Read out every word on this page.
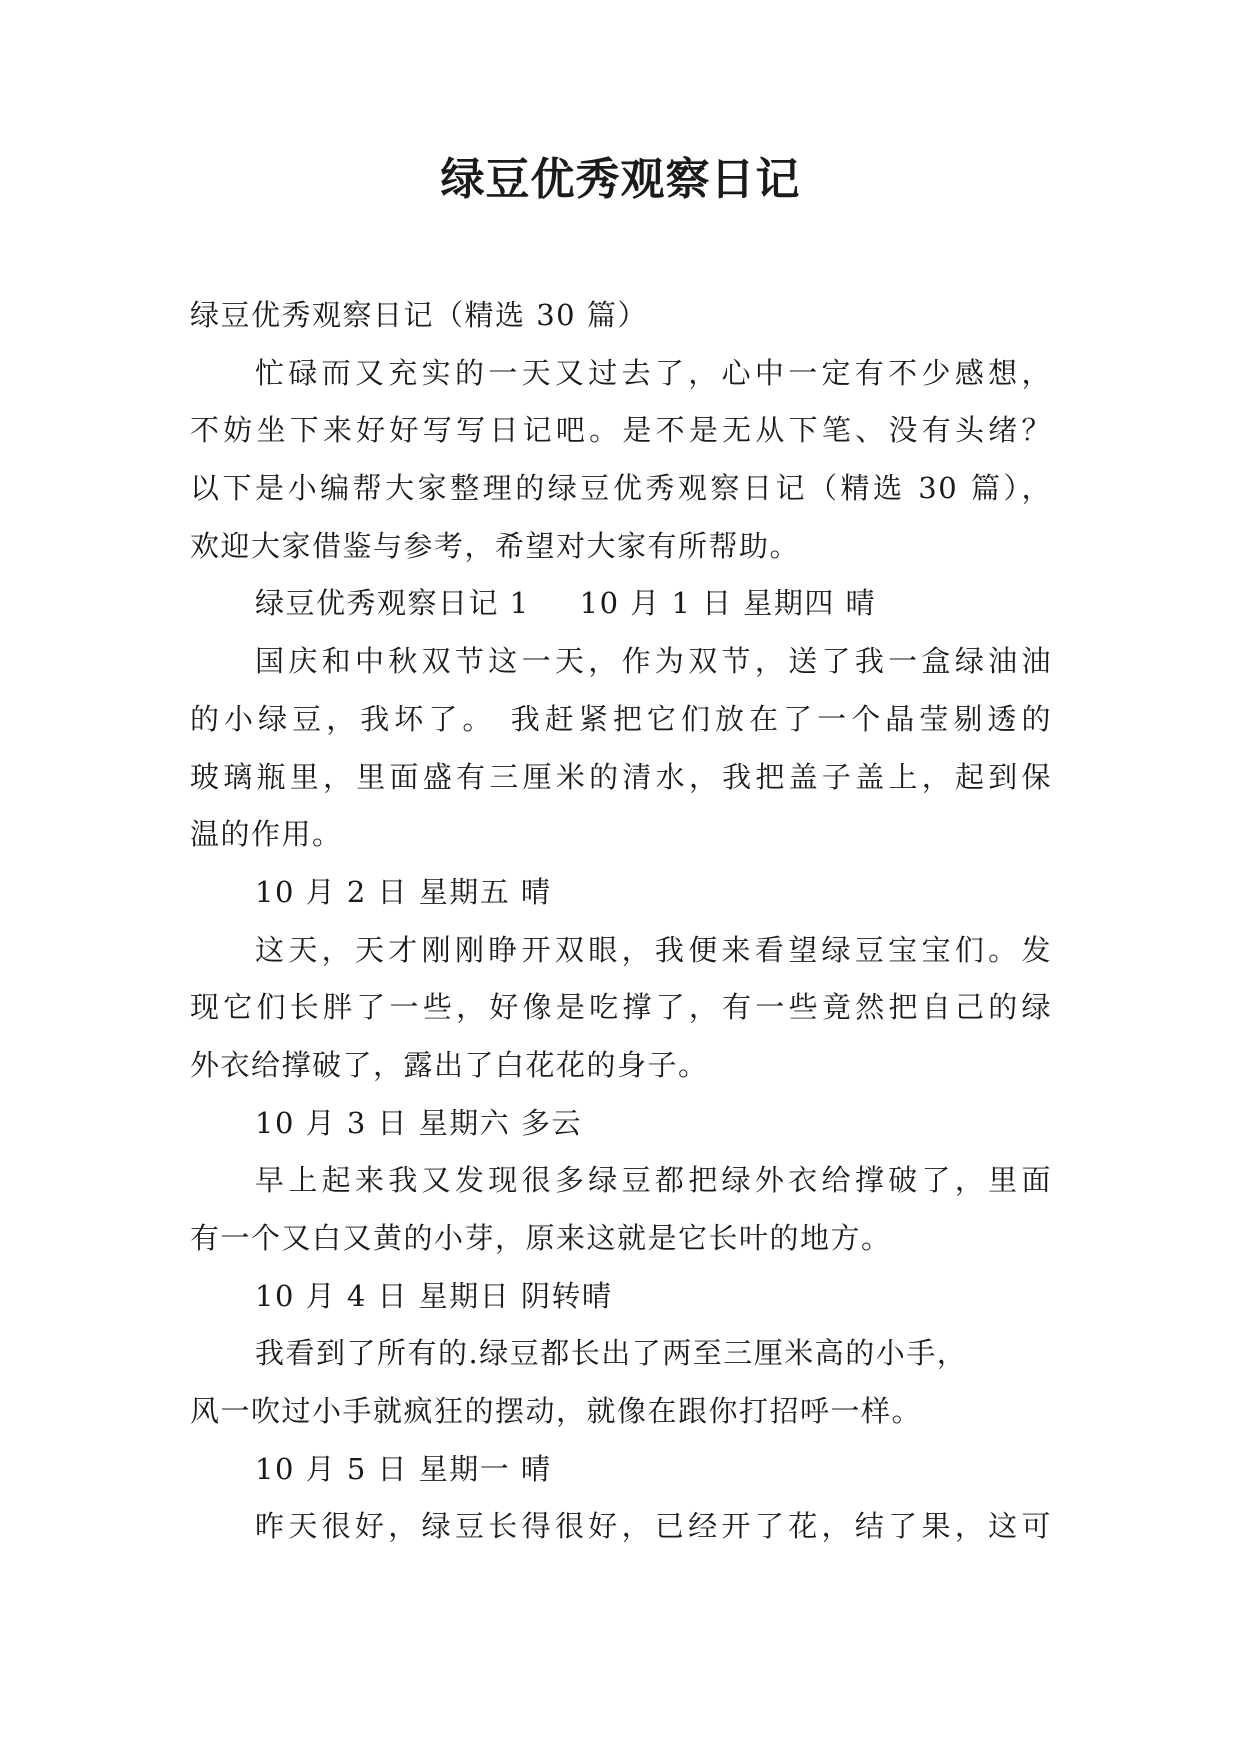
绿豆优秀观察日记
绿豆优秀观察日记（精选 30 篇）
忙碌而又充实的一天又过去了，心中一定有不少感想，
不妨坐下来好好写写日记吧。是不是无从下笔、没有头绪？
以下是小编帮大家整理的绿豆优秀观察日记（精选 30 篇），
欢迎大家借鉴与参考，希望对大家有所帮助。
绿豆优秀观察日记 1 10 月 1 日 星期四 晴
国庆和中秋双节这一天，作为双节，送了我一盒绿油油
的小绿豆，我坏了。 我赶紧把它们放在了一个晶莹剔透的
玻璃瓶里，里面盛有三厘米的清水，我把盖子盖上，起到保
温的作用。
10 月 2 日 星期五 晴
这天，天才刚刚睁开双眼，我便来看望绿豆宝宝们。发
现它们长胖了一些，好像是吃撑了，有一些竟然把自己的绿
外衣给撑破了，露出了白花花的身子。
10 月 3 日 星期六 多云
早上起来我又发现很多绿豆都把绿外衣给撑破了，里面
有一个又白又黄的小芽，原来这就是它长叶的地方。
10 月 4 日 星期日 阴转晴
我看到了所有的.绿豆都长出了两至三厘米高的小手，
风一吹过小手就疯狂的摆动，就像在跟你打招呼一样。
10 月 5 日 星期一 晴
昨天很好，绿豆长得很好，已经开了花，结了果，这可
